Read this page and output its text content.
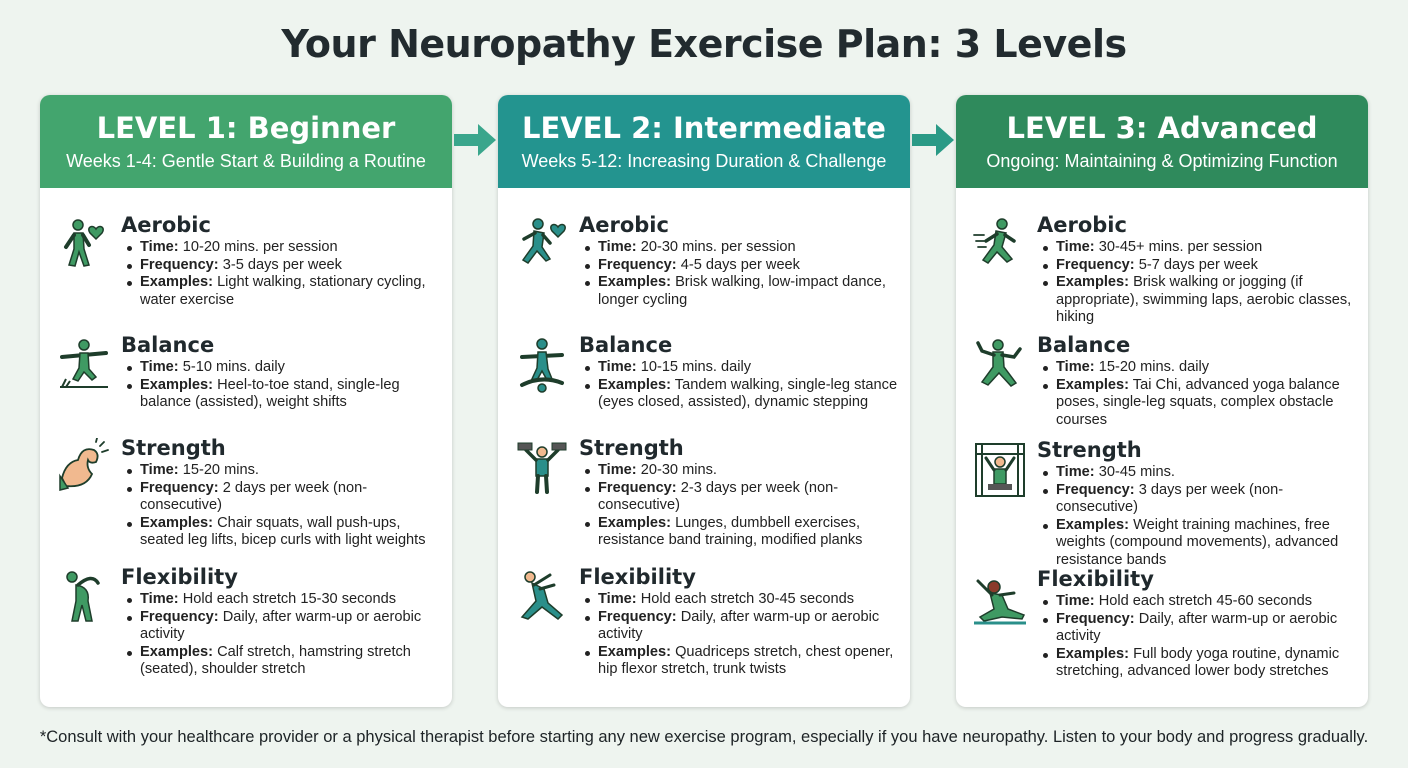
Your Neuropathy Exercise Plan: 3 Levels
LEVEL 1: Beginner
Weeks 1-4: Gentle Start & Building a Routine
Aerobic
Time: 10-20 mins. per session
Frequency: 3-5 days per week
Examples: Light walking, stationary cycling, water exercise
Balance
Time: 5-10 mins. daily
Examples: Heel-to-toe stand, single-leg balance (assisted), weight shifts
Strength
Time: 15-20 mins.
Frequency: 2 days per week (non-consecutive)
Examples: Chair squats, wall push-ups, seated leg lifts, bicep curls with light weights
Flexibility
Time: Hold each stretch 15-30 seconds
Frequency: Daily, after warm-up or aerobic activity
Examples: Calf stretch, hamstring stretch (seated), shoulder stretch
LEVEL 2: Intermediate
Weeks 5-12: Increasing Duration & Challenge
Aerobic
Time: 20-30 mins. per session
Frequency: 4-5 days per week
Examples: Brisk walking, low-impact dance, longer cycling
Balance
Time: 10-15 mins. daily
Examples: Tandem walking, single-leg stance (eyes closed, assisted), dynamic stepping
Strength
Time: 20-30 mins.
Frequency: 2-3 days per week (non-consecutive)
Examples: Lunges, dumbbell exercises, resistance band training, modified planks
Flexibility
Time: Hold each stretch 30-45 seconds
Frequency: Daily, after warm-up or aerobic activity
Examples: Quadriceps stretch, chest opener, hip flexor stretch, trunk twists
LEVEL 3: Advanced
Ongoing: Maintaining & Optimizing Function
Aerobic
Time: 30-45+ mins. per session
Frequency: 5-7 days per week
Examples: Brisk walking or jogging (if appropriate), swimming laps, aerobic classes, hiking
Balance
Time: 15-20 mins. daily
Examples: Tai Chi, advanced yoga balance poses, single-leg squats, complex obstacle courses
Strength
Time: 30-45 mins.
Frequency: 3 days per week (non-consecutive)
Examples: Weight training machines, free weights (compound movements), advanced resistance bands
Flexibility
Time: Hold each stretch 45-60 seconds
Frequency: Daily, after warm-up or aerobic activity
Examples: Full body yoga routine, dynamic stretching, advanced lower body stretches
*Consult with your healthcare provider or a physical therapist before starting any new exercise program, especially if you have neuropathy. Listen to your body and progress gradually.
